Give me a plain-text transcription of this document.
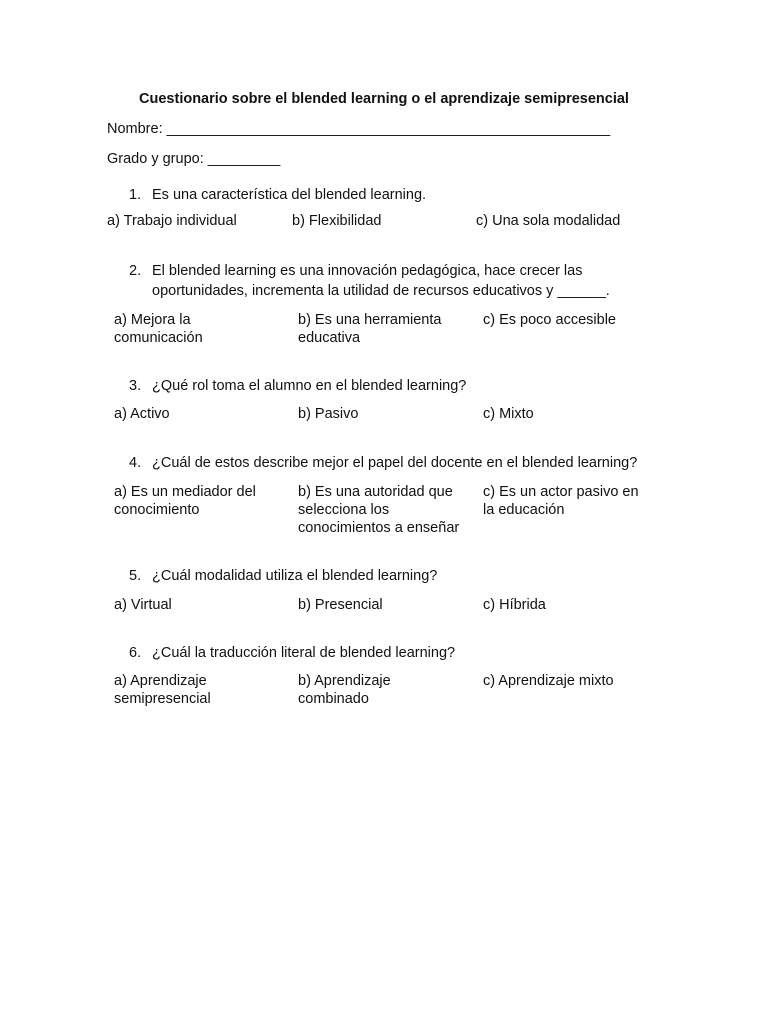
Cuestionario sobre el blended learning o el aprendizaje semipresencial
Nombre: _______________________________________________________
Grado y grupo: _________
1. Es una característica del blended learning.
a) Trabajo individual	b) Flexibilidad	c) Una sola modalidad
2. El blended learning es una innovación pedagógica, hace crecer las oportunidades, incrementa la utilidad de recursos educativos y ______.
a) Mejora la comunicación
b) Es una herramienta educativa
c) Es poco accesible
3. ¿Qué rol toma el alumno en el blended learning?
a) Activo	b) Pasivo	c) Mixto
4. ¿Cuál de estos describe mejor el papel del docente en el blended learning?
a) Es un mediador del conocimiento
b) Es una autoridad que selecciona los conocimientos a enseñar
c) Es un actor pasivo en la educación
5. ¿Cuál modalidad utiliza el blended learning?
a) Virtual	b) Presencial	c) Híbrida
6. ¿Cuál la traducción literal de blended learning?
a) Aprendizaje semipresencial
b) Aprendizaje combinado
c) Aprendizaje mixto
